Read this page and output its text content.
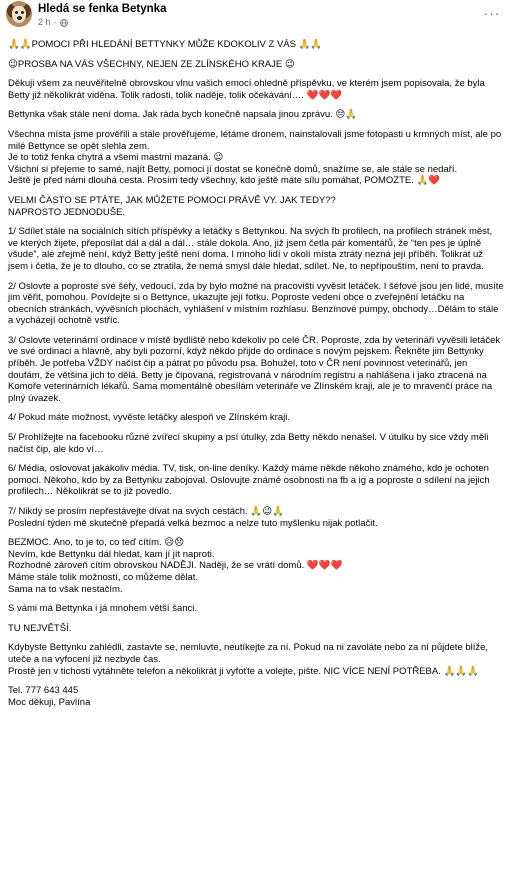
Hledá se fenka Betynka
2 h ·
···
🙏🙏POMOCI PŘI HLEDÁNÍ BETTYNKY MŮŽE KDOKOLIV Z VÁS 🙏🙏
😉PROSBA NA VÁS VŠECHNY, NEJEN ZE ZLÍNSKÉHO KRAJE 😉
Děkuji všem za neuvěřitelně obrovskou vlnu vašich emocí ohledně příspěvku, ve kterém jsem popisovala, že byla Betty již několikrát viděna. Tolik radosti, tolik naděje, tolik očekávání…. ❤️❤️❤️
Bettynka však stále není doma. Jak ráda bych konečně napsala jinou zprávu. 😔🙏
Všechna místa jsme prověřili a stále prověřujeme, létáme dronem, nainstalovali jsme fotopasti u krmných míst, ale po milé Bettynce se opět slehla zem.
Je to totiž fenka chytrá a všemi mastmi mazaná. 😉
Všichni si přejeme to samé, najít Betty, pomoci jí dostat se konečně domů, snažíme se, ale stále se nedaří.
Ještě je před námi dlouhá cesta. Prosím tedy všechny, kdo ještě máte sílu pomáhat, POMOZTE. 🙏❤️
VELMI ČASTO SE PTÁTE, JAK MŮŽETE POMOCI PRÁVĚ VY. JAK TEDY??
NAPROSTO JEDNODUŠE.
1/ Sdílet stále na sociálních sítích příspěvky a letáčky s Bettynkou. Na svých fb profilech, na profilech stránek měst, ve kterých žijete, přeposílat dál a dál a dál… stále dokola. Ano, již jsem četla pár komentářů, že “ten pes je úplně všude”, ale zřejmě není, když Betty ještě není doma. I mnoho lidí v okolí místa ztráty nezná její příběh. Tolikrát už jsem i četla, že je to dlouho, co se ztratila, že nemá smysl dále hledat, sdílet. Ne, to nepřipouštím, není to pravda.
2/ Oslovte a poproste své šéfy, vedoucí, zda by bylo možné na pracovišti vyvěsit letáček. I šéfové jsou jen lidé, musíte jim věřit, pomohou. Povídejte si o Bettynce, ukazujte její fotku. Poproste vedení obce o zveřejnění letáčku na obecních stránkách, vývěsních plochách, vyhlášení v místním rozhlasu. Benzínové pumpy, obchody…Dělám to stále a vycházejí ochotně vstříc.
3/ Oslovte veterinární ordinace v místě bydliště nebo kdekoliv po celé ČR. Poproste, zda by veterináři vyvěsili letáček ve své ordinaci a hlavně, aby byli pozorní, když někdo přijde do ordinace s novým pejskem. Řekněte jim Bettynky příběh. Je potřeba VŽDY načíst čip a pátrat po původu psa. Bohužel, toto v ČR není povinnost veterinářů, jen doufám, že většina jich to dělá. Betty je čipovaná, registrovaná v národním registru a nahlášena i jako ztracená na Komoře veterinárních lékařů. Sama momentálně obesílám veterináře ve Zlínském kraji, ale je to mravenčí práce na plný úvazek.
4/ Pokud máte možnost, vyvěste letáčky alespoň ve Zlínském kraji.
5/ Prohlížejte na facebooku různé zvířecí skupiny a psí útulky, zda Betty někdo nenašel. V útulku by sice vždy měli načíst čip, ale kdo ví…
6/ Média, oslovovat jakákoliv média. TV, tisk, on-line deníky. Každý máme někde někoho známého, kdo je ochoten pomoci. Někoho, kdo by za Bettynku zabojoval. Oslovujte známé osobnosti na fb a ig a poproste o sdílení na jejich profilech… Několikrát se to již povedlo.
7/ Nikdy se prosím nepřestávejte dívat na svých cestách. 🙏😉🙏
Poslední týden mě skutečně přepadá velká bezmoc a nelze tuto myšlenku nijak potlačit.
BEZMOC. Ano, to je to, co teď cítím. 😥😞
Nevím, kde Bettynku dál hledat, kam jí jít naproti.
Rozhodně zároveň cítím obrovskou NADĚJI. Naději, že se vrátí domů. ❤️❤️❤️
Máme stále tolik možností, co můžeme dělat.
Sama na to však nestačím.
S vámi má Bettynka i já mnohem větší šanci.
TU NEJVĚTŠÍ.
Kdybyste Bettynku zahlédli, zastavte se, nemluvte, neutíkejte za ní. Pokud na ni zavoláte nebo za ní půjdete blíže, uteče a na vyfocení již nezbyde čas.
Prostě jen v tichosti vytáhněte telefon a několikrát ji vyfoťte a volejte, pište. NIC VÍCE NENÍ POTŘEBA. 🙏🙏🙏
Tel. 777 643 445
Moc děkuji, Pavlína
